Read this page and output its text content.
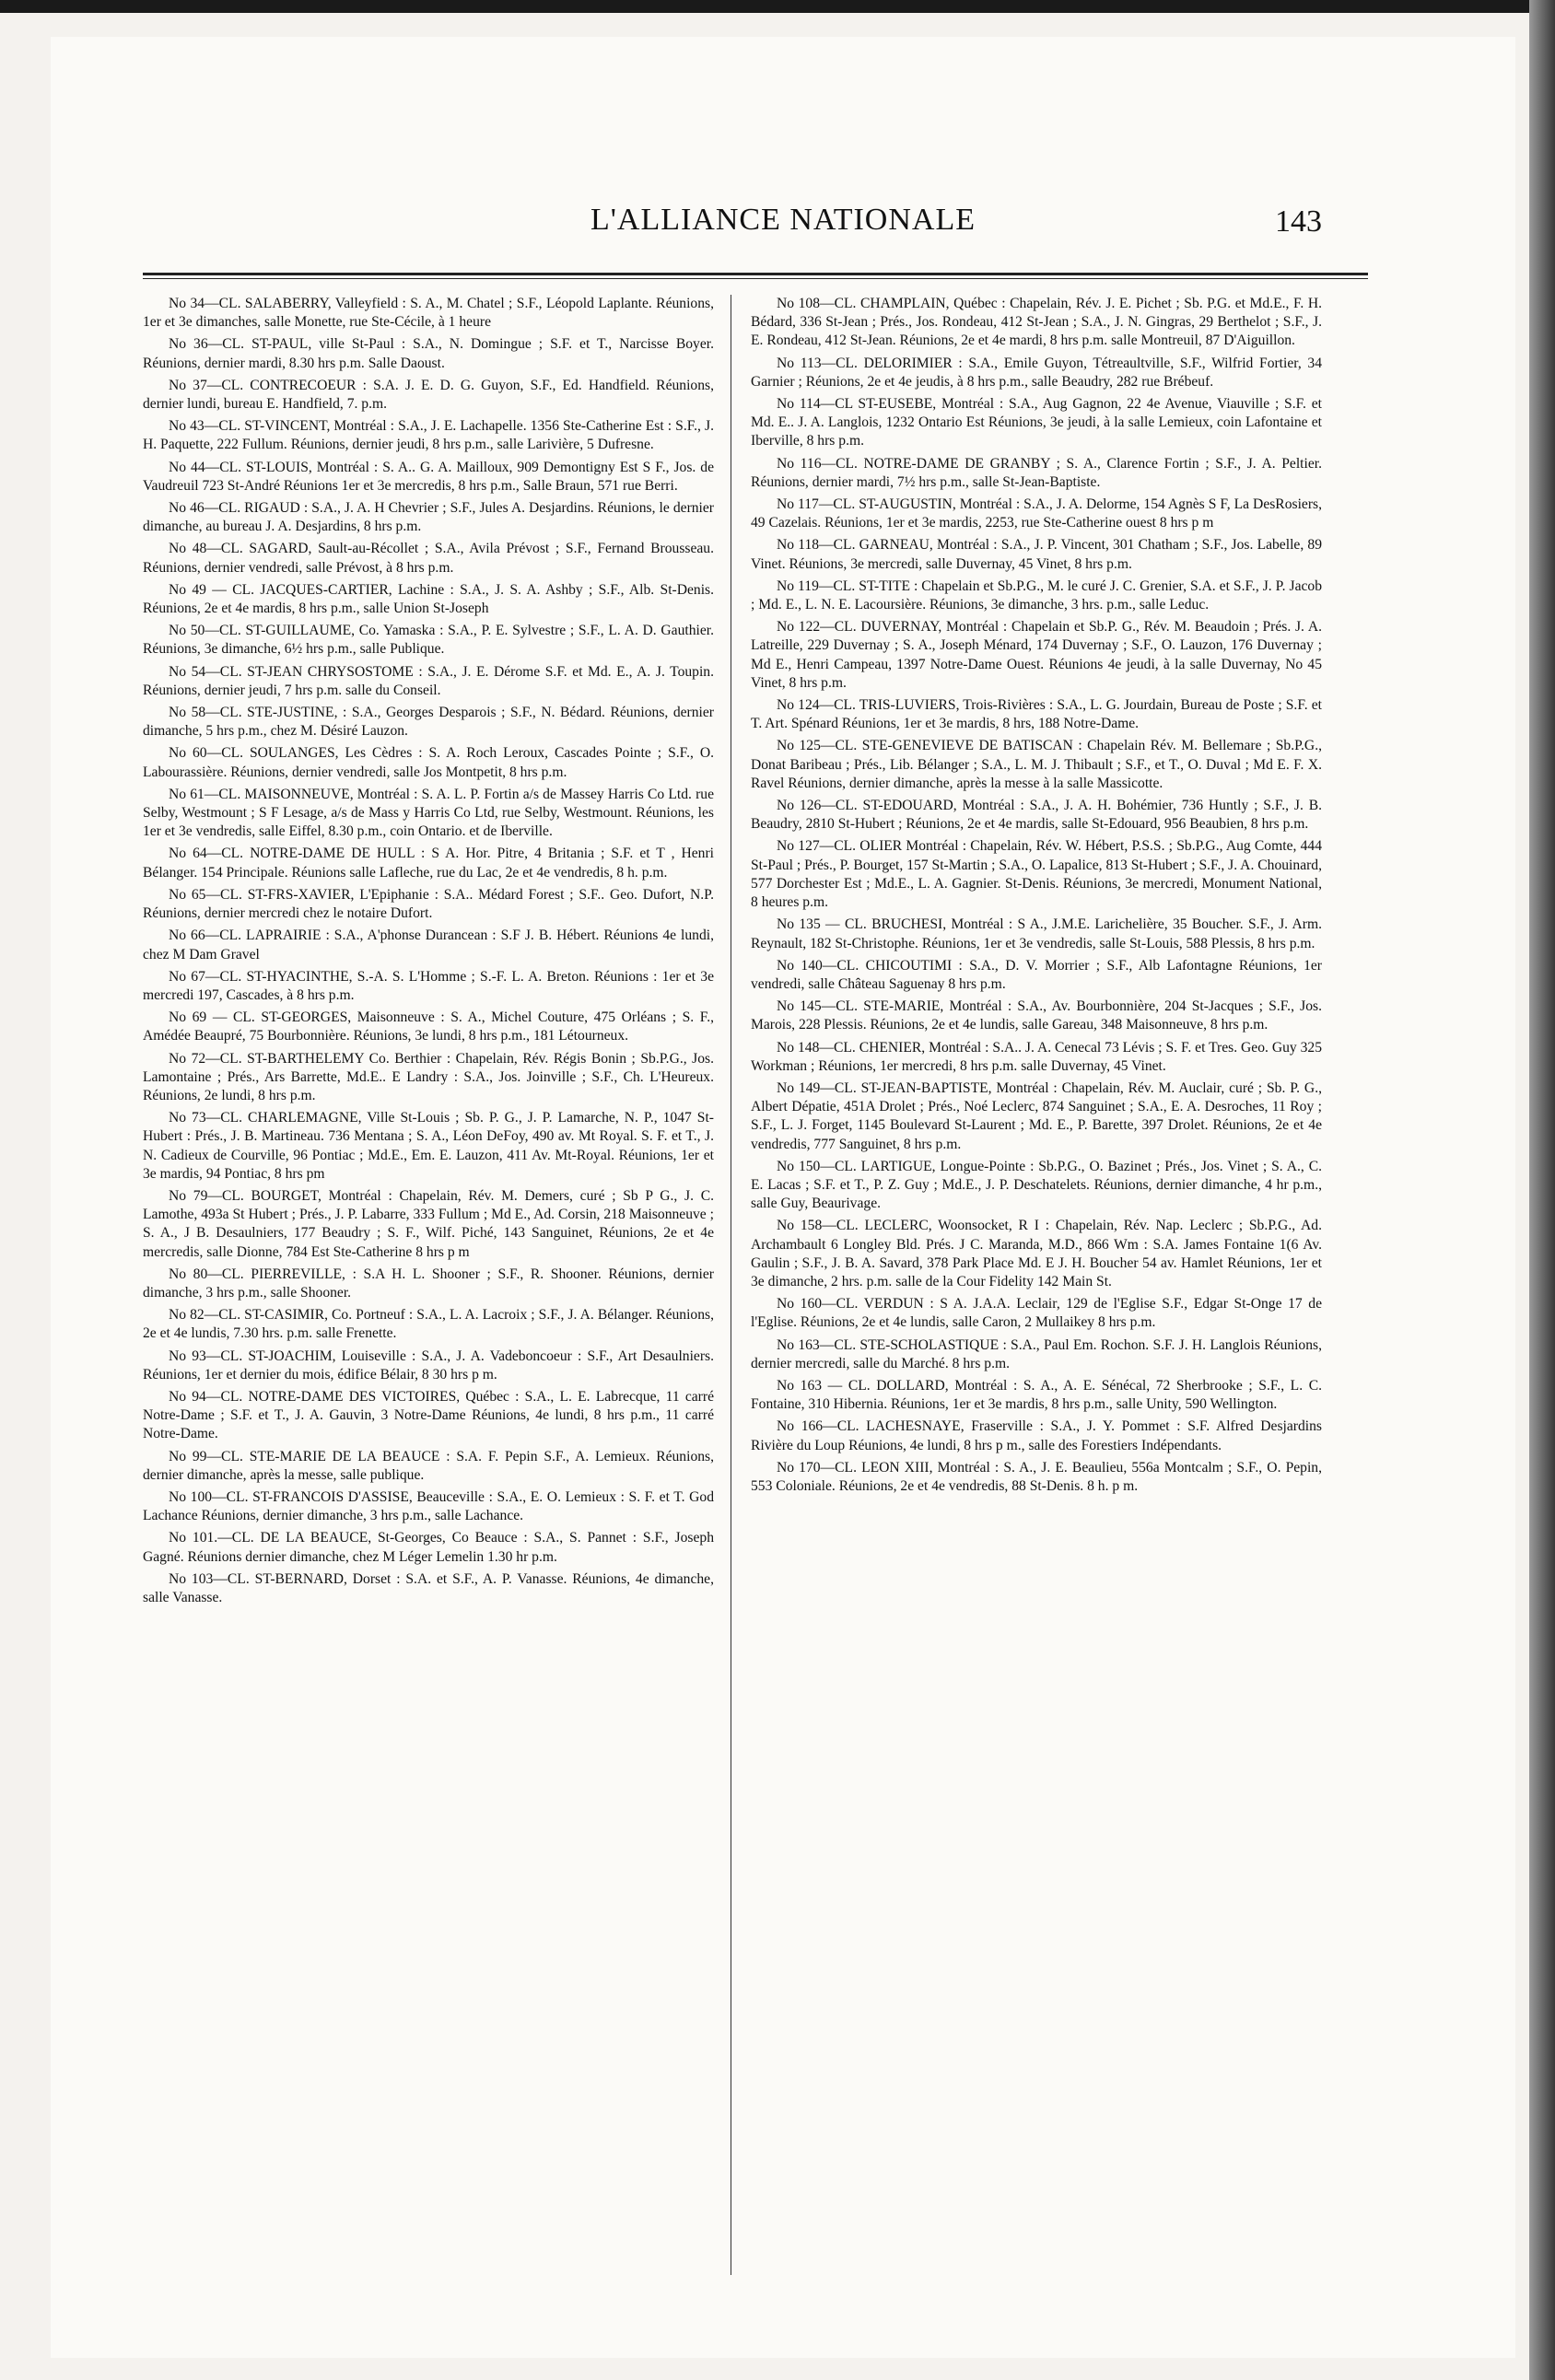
L'ALLIANCE NATIONALE	143

No 34—CL. SALABERRY, Valleyfield : S. A., M. Chatel ; S.F., Léopold Laplante. Réunions, 1er et 3e dimanches, salle Monette, rue Ste-Cécile, à 1 heure

No 36—CL. ST-PAUL, ville St-Paul : S.A., N. Domingue ; S.F. et T., Narcisse Boyer. Réunions, dernier mardi, 8.30 hrs p.m. Salle Daoust.

No 37—CL. CONTRECOEUR : S.A. J. E. D. G. Guyon, S.F., Ed. Handfield. Réunions, dernier lundi, bureau E. Handfield, 7. p.m.

No 43—CL. ST-VINCENT, Montréal : S.A., J. E. Lachapelle. 1356 Ste-Catherine Est : S.F., J. H. Paquette, 222 Fullum. Réunions, dernier jeudi, 8 hrs p.m., salle Larivière, 5 Dufresne.

No 44—CL. ST-LOUIS, Montréal : S. A.. G. A. Mailloux, 909 Demontigny Est S F., Jos. de Vaudreuil 723 St-André Réunions 1er et 3e mercredis, 8 hrs p.m., Salle Braun, 571 rue Berri.

No 46—CL. RIGAUD : S.A., J. A. H Chevrier ; S.F., Jules A. Desjardins. Réunions, le dernier dimanche, au bureau J. A. Desjardins, 8 hrs p.m.

No 48—CL. SAGARD, Sault-au-Récollet ; S.A., Avila Prévost ; S.F., Fernand Brousseau. Réunions, dernier vendredi, salle Prévost, à 8 hrs p.m.

No 49 — CL. JACQUES-CARTIER, Lachine : S.A., J. S. A. Ashby ; S.F., Alb. St-Denis. Réunions, 2e et 4e mardis, 8 hrs p.m., salle Union St-Joseph

No 50—CL. ST-GUILLAUME, Co. Yamaska : S.A., P. E. Sylvestre ; S.F., L. A. D. Gauthier. Réunions, 3e dimanche, 6½ hrs p.m., salle Publique.

No 54—CL. ST-JEAN CHRYSOSTOME : S.A., J. E. Dérome S.F. et Md. E., A. J. Toupin. Réunions, dernier jeudi, 7 hrs p.m. salle du Conseil.

No 58—CL. STE-JUSTINE, : S.A., Georges Desparois ; S.F., N. Bédard. Réunions, dernier dimanche, 5 hrs p.m., chez M. Désiré Lauzon.

No 60—CL. SOULANGES, Les Cèdres : S. A. Roch Leroux, Cascades Pointe ; S.F., O. Labourassière. Réunions, dernier vendredi, salle Jos Montpetit, 8 hrs p.m.

No 61—CL. MAISONNEUVE, Montréal : S. A. L. P. Fortin a/s de Massey Harris Co Ltd. rue Selby, Westmount ; S F Lesage, a/s de Mass y Harris Co Ltd, rue Selby, Westmount. Réunions, les 1er et 3e vendredis, salle Eiffel, 8.30 p.m., coin Ontario. et de Iberville.

No 64—CL. NOTRE-DAME DE HULL : S A. Hor. Pitre, 4 Britania ; S.F. et T , Henri Bélanger. 154 Principale. Réunions salle Lafleche, rue du Lac, 2e et 4e vendredis, 8 h. p.m.

No 65—CL. ST-FRS-XAVIER, L'Epiphanie : S.A.. Médard Forest ; S.F.. Geo. Dufort, N.P. Réunions, dernier mercredi chez le notaire Dufort.

No 66—CL. LAPRAIRIE : S.A., A'phonse Durancean : S.F J. B. Hébert. Réunions 4e lundi, chez M Dam Gravel

No 67—CL. ST-HYACINTHE, S.-A. S. L'Homme ; S.-F. L. A. Breton. Réunions : 1er et 3e mercredi 197, Cascades, à 8 hrs p.m.

No 69 — CL. ST-GEORGES, Maisonneuve : S. A., Michel Couture, 475 Orléans ; S. F., Amédée Beaupré, 75 Bourbonnière. Réunions, 3e lundi, 8 hrs p.m., 181 Létourneux.

No 72—CL. ST-BARTHELEMY Co. Berthier : Chapelain, Rév. Régis Bonin ; Sb.P.G., Jos. Lamontaine ; Prés., Ars Barrette, Md.E.. E Landry : S.A., Jos. Joinville ; S.F., Ch. L'Heureux. Réunions, 2e lundi, 8 hrs p.m.

No 73—CL. CHARLEMAGNE, Ville St-Louis ; Sb. P. G., J. P. Lamarche, N. P., 1047 St-Hubert : Prés., J. B. Martineau. 736 Mentana ; S. A., Léon DeFoy, 490 av. Mt Royal. S. F. et T., J. N. Cadieux de Courville, 96 Pontiac ; Md.E., Em. E. Lauzon, 411 Av. Mt-Royal. Réunions, 1er et 3e mardis, 94 Pontiac, 8 hrs pm

No 79—CL. BOURGET, Montréal : Chapelain, Rév. M. Demers, curé ; Sb P G., J. C. Lamothe, 493a St Hubert ; Prés., J. P. Labarre, 333 Fullum ; Md E., Ad. Corsin, 218 Maisonneuve ; S. A., J B. Desaulniers, 177 Beaudry ; S. F., Wilf. Piché, 143 Sanguinet, Réunions, 2e et 4e mercredis, salle Dionne, 784 Est Ste-Catherine 8 hrs p m

No 80—CL. PIERREVILLE, : S.A H. L. Shooner ; S.F., R. Shooner. Réunions, dernier dimanche, 3 hrs p.m., salle Shooner.

No 82—CL. ST-CASIMIR, Co. Portneuf : S.A., L. A. Lacroix ; S.F., J. A. Bélanger. Réunions, 2e et 4e lundis, 7.30 hrs. p.m. salle Frenette.

No 93—CL. ST-JOACHIM, Louiseville : S.A., J. A. Vadeboncoeur : S.F., Art Desaulniers. Réunions, 1er et dernier du mois, édifice Bélair, 8 30 hrs p m.

No 94—CL. NOTRE-DAME DES VICTOIRES, Québec : S.A., L. E. Labrecque, 11 carré Notre-Dame ; S.F. et T., J. A. Gauvin, 3 Notre-Dame Réunions, 4e lundi, 8 hrs p.m., 11 carré Notre-Dame.

No 99—CL. STE-MARIE DE LA BEAUCE : S.A. F. Pepin S.F., A. Lemieux. Réunions, dernier dimanche, après la messe, salle publique.

No 100—CL. ST-FRANCOIS D'ASSISE, Beauceville : S.A., E. O. Lemieux : S. F. et T. God Lachance Réunions, dernier dimanche, 3 hrs p.m., salle Lachance.

No 101.—CL. DE LA BEAUCE, St-Georges, Co Beauce : S.A., S. Pannet : S.F., Joseph Gagné. Réunions dernier dimanche, chez M Léger Lemelin 1.30 hr p.m.

No 103—CL. ST-BERNARD, Dorset : S.A. et S.F., A. P. Vanasse. Réunions, 4e dimanche, salle Vanasse.

No 108—CL. CHAMPLAIN, Québec : Chapelain, Rév. J. E. Pichet ; Sb. P.G. et Md.E., F. H. Bédard, 336 St-Jean ; Prés., Jos. Rondeau, 412 St-Jean ; S.A., J. N. Gingras, 29 Berthelot ; S.F., J. E. Rondeau, 412 St-Jean. Réunions, 2e et 4e mardi, 8 hrs p.m. salle Montreuil, 87 D'Aiguillon.

No 113—CL. DELORIMIER : S.A., Emile Guyon, Tétreaultville, S.F., Wilfrid Fortier, 34 Garnier ; Réunions, 2e et 4e jeudis, à 8 hrs p.m., salle Beaudry, 282 rue Brébeuf.

No 114—CL ST-EUSEBE, Montréal : S.A., Aug Gagnon, 22 4e Avenue, Viauville ; S.F. et Md. E.. J. A. Langlois, 1232 Ontario Est Réunions, 3e jeudi, à la salle Lemieux, coin Lafontaine et Iberville, 8 hrs p.m.

No 116—CL. NOTRE-DAME DE GRANBY ; S. A., Clarence Fortin ; S.F., J. A. Peltier. Réunions, dernier mardi, 7½ hrs p.m., salle St-Jean-Baptiste.

No 117—CL. ST-AUGUSTIN, Montréal : S.A., J. A. Delorme, 154 Agnès S F, La DesRosiers, 49 Cazelais. Réunions, 1er et 3e mardis, 2253, rue Ste-Catherine ouest 8 hrs p m

No 118—CL. GARNEAU, Montréal : S.A., J. P. Vincent, 301 Chatham ; S.F., Jos. Labelle, 89 Vinet. Réunions, 3e mercredi, salle Duvernay, 45 Vinet, 8 hrs p.m.

No 119—CL. ST-TITE : Chapelain et Sb.P.G., M. le curé J. C. Grenier, S.A. et S.F., J. P. Jacob ; Md. E., L. N. E. Lacoursière. Réunions, 3e dimanche, 3 hrs. p.m., salle Leduc.

No 122—CL. DUVERNAY, Montréal : Chapelain et Sb.P. G., Rév. M. Beaudoin ; Prés. J. A. Latreille, 229 Duvernay ; S. A., Joseph Ménard, 174 Duvernay ; S.F., O. Lauzon, 176 Duvernay ; Md E., Henri Campeau, 1397 Notre-Dame Ouest. Réunions 4e jeudi, à la salle Duvernay, No 45 Vinet, 8 hrs p.m.

No 124—CL. TRIS-LUVIERS, Trois-Rivières : S.A., L. G. Jourdain, Bureau de Poste ; S.F. et T. Art. Spénard Réunions, 1er et 3e mardis, 8 hrs, 188 Notre-Dame.

No 125—CL. STE-GENEVIEVE DE BATISCAN : Chapelain Rév. M. Bellemare ; Sb.P.G., Donat Baribeau ; Prés., Lib. Bélanger ; S.A., L. M. J. Thibault ; S.F., et T., O. Duval ; Md E. F. X. Ravel Réunions, dernier dimanche, après la messe à la salle Massicotte.

No 126—CL. ST-EDOUARD, Montréal : S.A., J. A. H. Bohémier, 736 Huntly ; S.F., J. B. Beaudry, 2810 St-Hubert ; Réunions, 2e et 4e mardis, salle St-Edouard, 956 Beaubien, 8 hrs p.m.

No 127—CL. OLIER Montréal : Chapelain, Rév. W. Hébert, P.S.S. ; Sb.P.G., Aug Comte, 444 St-Paul ; Prés., P. Bourget, 157 St-Martin ; S.A., O. Lapalice, 813 St-Hubert ; S.F., J. A. Chouinard, 577 Dorchester Est ; Md.E., L. A. Gagnier. St-Denis. Réunions, 3e mercredi, Monument National, 8 heures p.m.

No 135 — CL. BRUCHESI, Montréal : S A., J.M.E. Larichelière, 35 Boucher. S.F., J. Arm. Reynault, 182 St-Christophe. Réunions, 1er et 3e vendredis, salle St-Louis, 588 Plessis, 8 hrs p.m.

No 140—CL. CHICOUTIMI : S.A., D. V. Morrier ; S.F., Alb Lafontagne Réunions, 1er vendredi, salle Château Saguenay 8 hrs p.m.

No 145—CL. STE-MARIE, Montréal : S.A., Av. Bourbonnière, 204 St-Jacques ; S.F., Jos. Marois, 228 Plessis. Réunions, 2e et 4e lundis, salle Gareau, 348 Maisonneuve, 8 hrs p.m.

No 148—CL. CHENIER, Montréal : S.A.. J. A. Cenecal 73 Lévis ; S. F. et Tres. Geo. Guy 325 Workman ; Réunions, 1er mercredi, 8 hrs p.m. salle Duvernay, 45 Vinet.

No 149—CL. ST-JEAN-BAPTISTE, Montréal : Chapelain, Rév. M. Auclair, curé ; Sb. P. G., Albert Dépatie, 451A Drolet ; Prés., Noé Leclerc, 874 Sanguinet ; S.A., E. A. Desroches, 11 Roy ; S.F., L. J. Forget, 1145 Boulevard St-Laurent ; Md. E., P. Barette, 397 Drolet. Réunions, 2e et 4e vendredis, 777 Sanguinet, 8 hrs p.m.

No 150—CL. LARTIGUE, Longue-Pointe : Sb.P.G., O. Bazinet ; Prés., Jos. Vinet ; S. A., C. E. Lacas ; S.F. et T., P. Z. Guy ; Md.E., J. P. Deschatelets. Réunions, dernier dimanche, 4 hr p.m., salle Guy, Beaurivage.

No 158—CL. LECLERC, Woonsocket, R I : Chapelain, Rév. Nap. Leclerc ; Sb.P.G., Ad. Archambault 6 Longley Bld. Prés. J C. Maranda, M.D., 866 Wm : S.A. James Fontaine 1(6 Av. Gaulin ; S.F., J. B. A. Savard, 378 Park Place Md. E J. H. Boucher 54 av. Hamlet Réunions, 1er et 3e dimanche, 2 hrs. p.m. salle de la Cour Fidelity 142 Main St.

No 160—CL. VERDUN : S A. J.A.A. Leclair, 129 de l'Eglise S.F., Edgar St-Onge 17 de l'Eglise. Réunions, 2e et 4e lundis, salle Caron, 2 Mullaikey 8 hrs p.m.

No 163—CL. STE-SCHOLASTIQUE : S.A., Paul Em. Rochon. S.F. J. H. Langlois Réunions, dernier mercredi, salle du Marché. 8 hrs p.m.

No 163 — CL. DOLLARD, Montréal : S. A., A. E. Sénécal, 72 Sherbrooke ; S.F., L. C. Fontaine, 310 Hibernia. Réunions, 1er et 3e mardis, 8 hrs p.m., salle Unity, 590 Wellington.

No 166—CL. LACHESNAYE, Fraserville : S.A., J. Y. Pommet : S.F. Alfred Desjardins Rivière du Loup Réunions, 4e lundi, 8 hrs p m., salle des Forestiers Indépendants.

No 170—CL. LEON XIII, Montréal : S. A., J. E. Beaulieu, 556a Montcalm ; S.F., O. Pepin, 553 Coloniale. Réunions, 2e et 4e vendredis, 88 St-Denis. 8 h. p m.
